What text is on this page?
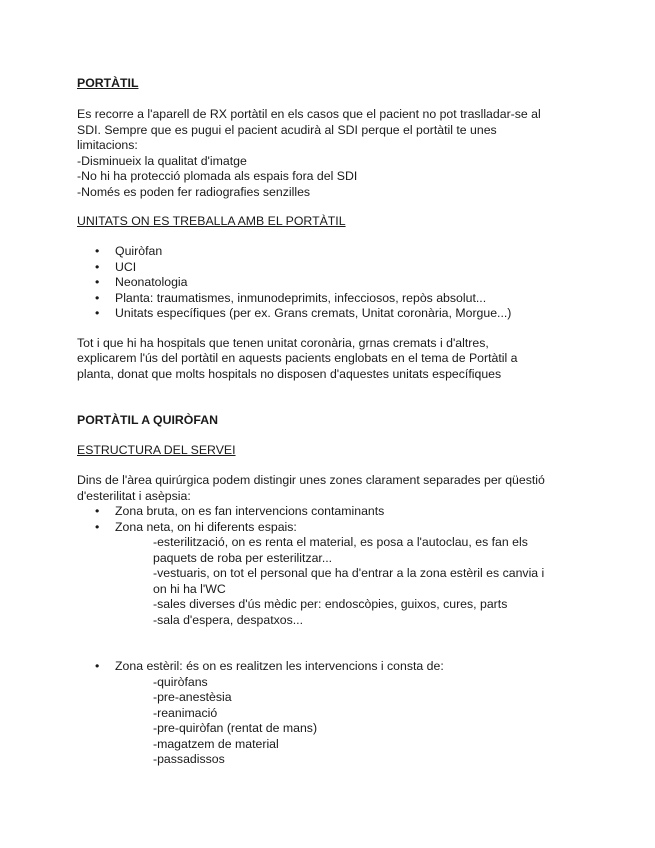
PORTÀTIL

Es recorre a l'aparell de RX portàtil en els casos que el pacient no pot traslladar-se al
SDI. Sempre que es pugui el pacient acudirà al SDI perque el portàtil te unes
limitacions:
-Disminueix la qualitat d'imatge
-No hi ha protecció plomada als espais fora del SDI
-Només es poden fer radiografies senzilles

UNITATS ON ES TREBALLA AMB EL PORTÀTIL
• Quiròfan
• UCI
• Neonatologia
• Planta: traumatismes, inmunodeprimits, infecciosos, repòs absolut...
• Unitats específiques (per ex. Grans cremats, Unitat coronària, Morgue...)

Tot i que hi ha hospitals que tenen unitat coronària, grnas cremats i d'altres,
explicarem l'ús del portàtil en aquests pacients englobats en el tema de Portàtil a
planta, donat que molts hospitals no disposen d'aquestes unitats específiques

PORTÀTIL A QUIRÒFAN
ESTRUCTURA DEL SERVEI

Dins de l'àrea quirúrgica podem distingir unes zones clarament separades per qüestió
d'esterilitat i asèpsia:

• Zona bruta, on es fan intervencions contaminants
• Zona neta, on hi diferents espais:
-esterilització, on es renta el material, es posa a l'autoclau, es fan els
paquets de roba per esterilitzar...
-vestuaris, on tot el personal que ha d'entrar a la zona estèril es canvia i
on hi ha l'WC
-sales diverses d'ús mèdic per: endoscòpies, guixos, cures, parts
-sala d'espera, despatxos...
• Zona estèril: és on es realitzen les intervencions i consta de:
-quiròfans
-pre-anestèsia
-reanimació
-pre-quiròfan (rentat de mans)
-magatzem de material
-passadissos
